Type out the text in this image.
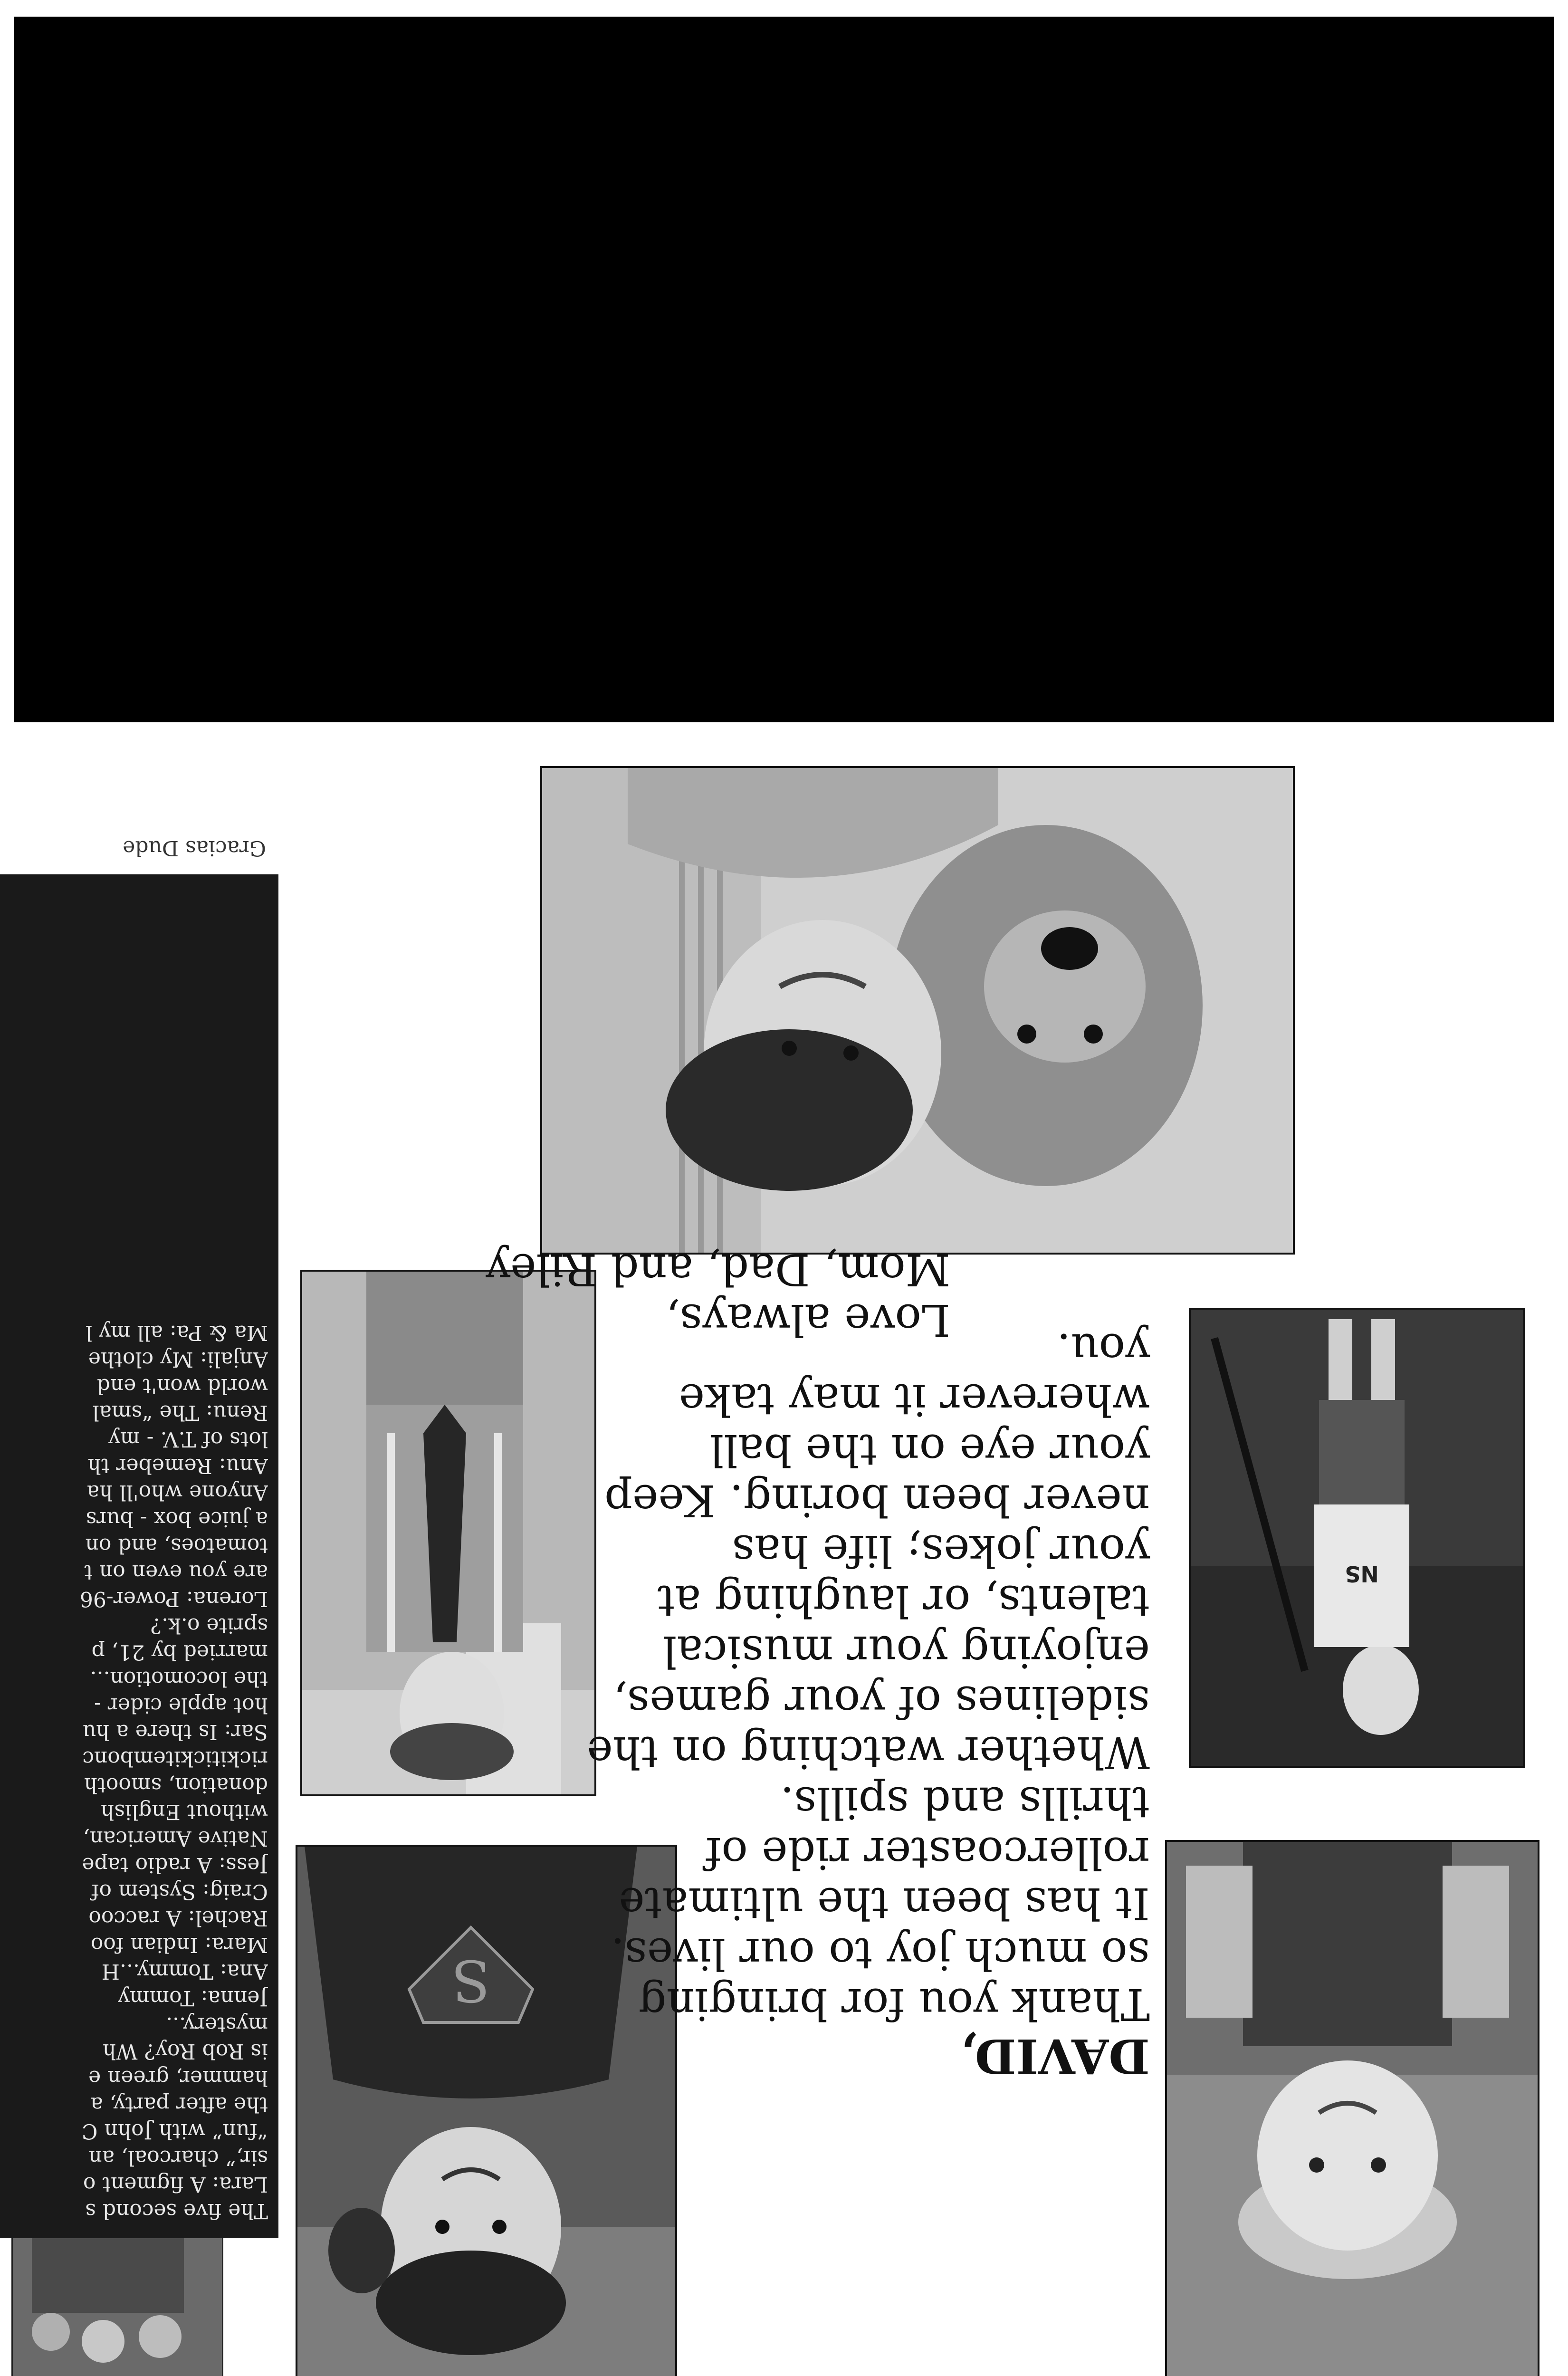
S
NS

DAVID,

Thank you for bringing

so much joy to our lives.

It has been the ultimate

rollercoaster ride of

thrills and spills.

Whether watching on the

sidelines of your games,

enjoying your musical

talents, or laughing at

your jokes; life has

never been boring. Keep

your eye on the ball

wherever it may take

you.

Love always,

Mom, Dad, and Riley

The five second s

Lara: A figment o

sir,” charcoal, an

“fun” with John C

the after party, a

hammer, green e

is Rob Roy? Wh

mystery...

Jenna: Tommy

Ana: Tommy...H

Mara: Indian foo

Rachel: A raccoo

Craig: System of

Jess: A radio tape

Native American,

without English

donation, smooth

rickitickitembonc

Sar: Is there a hu

hot apple cider -

the locomotion...

married by 21, p

sprite o.k.?

Lorena: Power-96

are you even on t

tomatoes, and on

a juice box - burs

Anyone who'll ha

Anu: Remeber th

lots of T.V. - my

Renu: The “smal

world won't end

Anjali: My clothe

Ma & Pa: all my l

Gracias Dude
